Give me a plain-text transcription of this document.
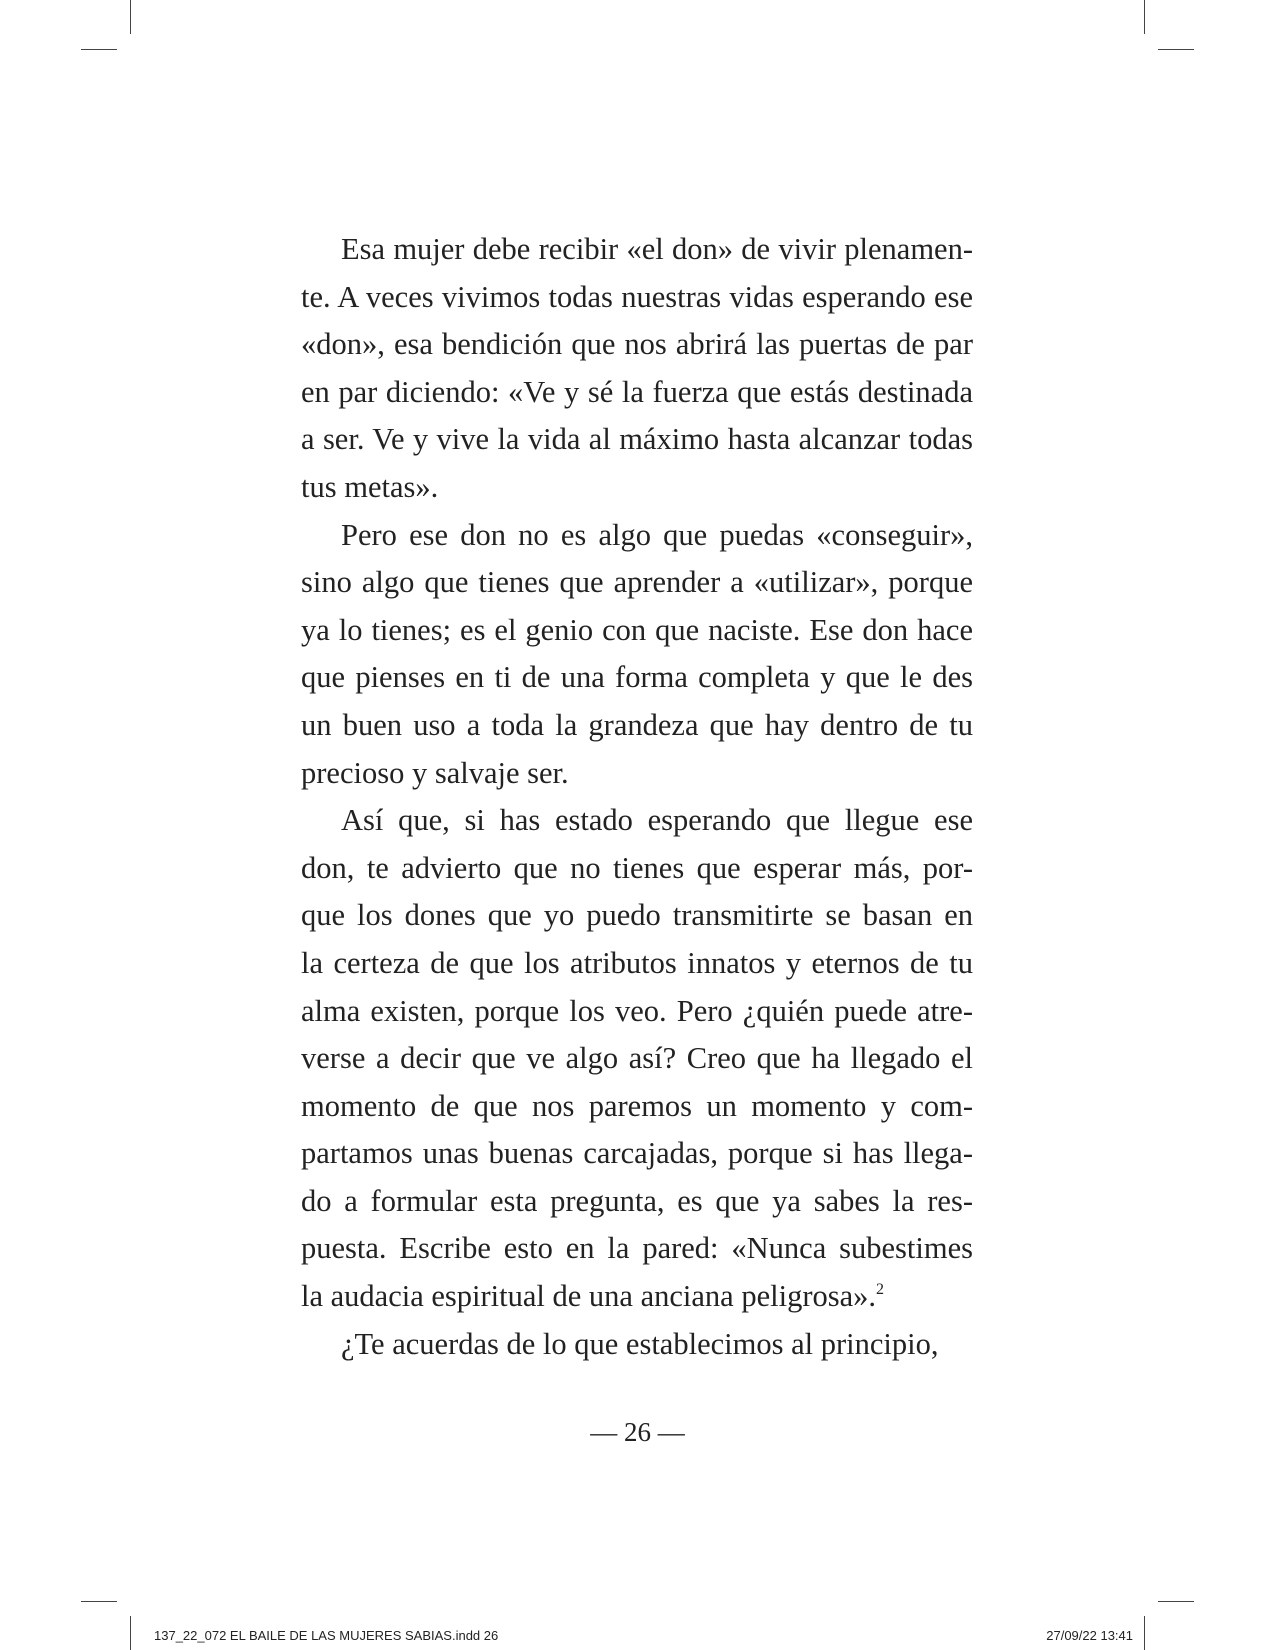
Esa mujer debe recibir «el don» de vivir plenamen-
te. A veces vivimos todas nuestras vidas esperando ese
«don», esa bendición que nos abrirá las puertas de par
en par diciendo: «Ve y sé la fuerza que estás destinada
a ser. Ve y vive la vida al máximo hasta alcanzar todas
tus metas».
Pero ese don no es algo que puedas «conseguir»,
sino algo que tienes que aprender a «utilizar», porque
ya lo tienes; es el genio con que naciste. Ese don hace
que pienses en ti de una forma completa y que le des
un buen uso a toda la grandeza que hay dentro de tu
precioso y salvaje ser.
Así que, si has estado esperando que llegue ese
don, te advierto que no tienes que esperar más, por-
que los dones que yo puedo transmitirte se basan en
la certeza de que los atributos innatos y eternos de tu
alma existen, porque los veo. Pero ¿quién puede atre-
verse a decir que ve algo así? Creo que ha llegado el
momento de que nos paremos un momento y com-
partamos unas buenas carcajadas, porque si has llega-
do a formular esta pregunta, es que ya sabes la res-
puesta. Escribe esto en la pared: «Nunca subestimes
la audacia espiritual de una anciana peligrosa».$^2$
¿Te acuerdas de lo que establecimos al principio,
— 26 —
137_22_072 EL BAILE DE LAS MUJERES SABIAS.indd 26	27/09/22 13:41
